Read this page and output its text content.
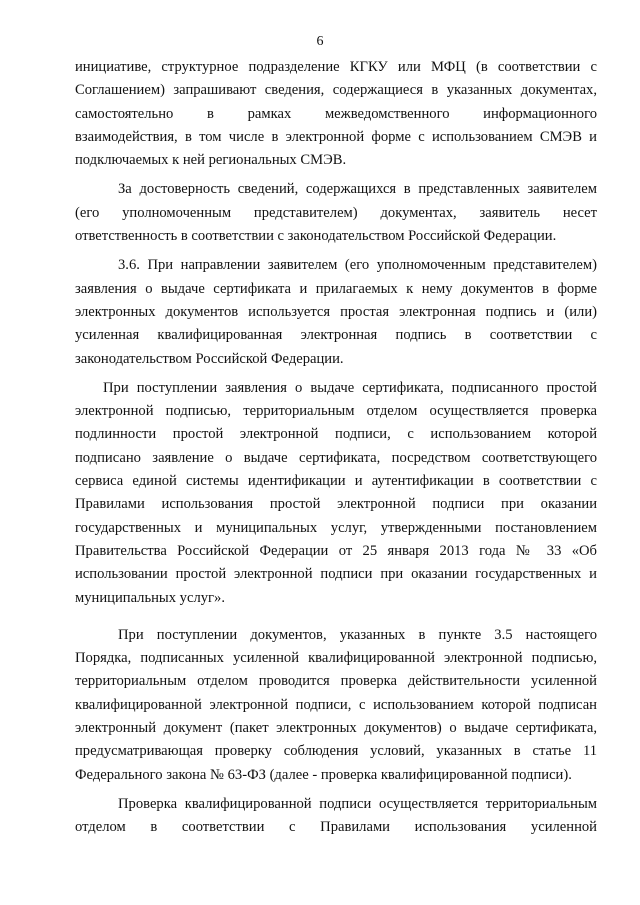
6
инициативе, структурное подразделение КГКУ или МФЦ (в соответствии с
Соглашением) запрашивают сведения, содержащиеся в указанных документах,
самостоятельно в рамках межведомственного информационного
взаимодействия, в том числе в электронной форме с использованием СМЭВ и
подключаемых к ней региональных СМЭВ.
За достоверность сведений, содержащихся в представленных заявителем
(его уполномоченным представителем) документах, заявитель несет
ответственность в соответствии с законодательством Российской Федерации.
3.6. При направлении заявителем (его уполномоченным представителем)
заявления о выдаче сертификата и прилагаемых к нему документов в форме
электронных документов используется простая электронная подпись и (или)
усиленная квалифицированная электронная подпись в соответствии с
законодательством Российской Федерации.
При поступлении заявления о выдаче сертификата, подписанного простой
электронной подписью, территориальным отделом осуществляется проверка
подлинности простой электронной подписи, с использованием которой
подписано заявление о выдаче сертификата, посредством соответствующего
сервиса единой системы идентификации и аутентификации в соответствии с
Правилами использования простой электронной подписи при оказании
государственных и муниципальных услуг, утвержденными постановлением
Правительства Российской Федерации от 25 января 2013 года № 33 «Об
использовании простой электронной подписи при оказании государственных и
муниципальных услуг».
При поступлении документов, указанных в пункте 3.5 настоящего
Порядка, подписанных усиленной квалифицированной электронной подписью,
территориальным отделом проводится проверка действительности усиленной
квалифицированной электронной подписи, с использованием которой подписан
электронный документ (пакет электронных документов) о выдаче сертификата,
предусматривающая проверку соблюдения условий, указанных в статье 11
Федерального закона № 63-ФЗ (далее - проверка квалифицированной подписи).
Проверка квалифицированной подписи осуществляется территориальным
отделом в соответствии с Правилами использования усиленной
